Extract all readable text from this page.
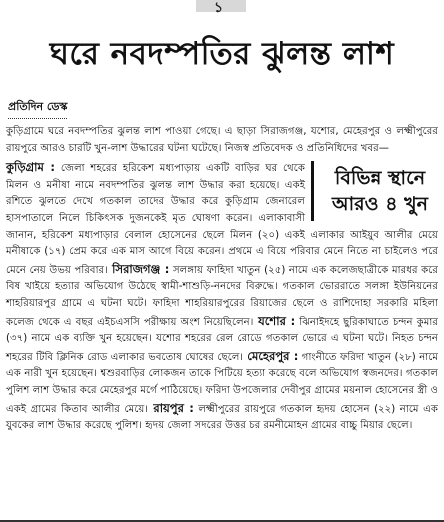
১
ঘরে নবদম্পতির ঝুলন্ত লাশ
প্রতিদিন ডেস্ক

কুড়িগ্রামে ঘরে নবদম্পতির ঝুলন্ত লাশ পাওয়া গেছে। এ ছাড়া সিরাজগঞ্জ, যশোর, মেহেরপুর ও লক্ষ্মীপুরের রায়পুরে আরও চারটি খুন-লাশ উদ্ধারের ঘটনা ঘটেছে। নিজস্ব প্রতিবেদক ও প্রতিনিধিদের খবর—

কুড়িগ্রাম :	বিভিন্ন স্থানে
আরও ৪ খুন
জেলা শহরের হরিকেশ মধ্যপাড়ায় একটি বাড়ির ঘর থেকে মিলন ও মনীষা নামে নবদম্পতির ঝুলন্ত লাশ উদ্ধার করা হয়েছে। একই রশিতে ঝুলতে দেখে গতকাল তাদের উদ্ধার করে কুড়িগ্রাম জেনারেল হাসপাতালে নিলে চিকিৎসক দুজনকেই মৃত ঘোষণা করেন। এলাকাবাসী জানান, হরিকেশ মধ্যপাড়ার বেলাল হোসেনের ছেলে মিলন (২০) একই এলাকার আইয়ুব আলীর মেয়ে মনীষাকে (১৭) প্রেম করে এক মাস আগে বিয়ে করেন। প্রথমে এ বিয়ে পরিবার মেনে নিতে না চাইলেও পরে মেনে নেয় উভয় পরিবার। সিরাজগঞ্জ : সলঙ্গায় ফাহিদা খাতুন (২৫) নামে এক কলেজছাত্রীকে মারধর করে বিষ খাইয়ে হত্যার অভিযোগ উঠেছে স্বামী-শাশুড়ি-ননদের বিরুদ্ধে। গতকাল ভোররাতে সলঙ্গা ইউনিয়নের শাহরিয়ারপুর গ্রামে এ ঘটনা ঘটে। ফাহিদা শাহরিয়ারপুরের রিয়াজের ছেলে ও রাশিদোহা সরকারি মহিলা কলেজ থেকে এ বছর এইচএসসি পরীক্ষায় অংশ নিয়েছিলেন। যশোর : ঝিনাইদহে ছুরিকাঘাতে চন্দন কুমার (৩৭) নামে এক ব্যক্তি খুন হয়েছেন। যশোর শহরের রেল রোডে গতকাল ভোরে এ ঘটনা ঘটে। নিহত চন্দন শহরের টিবি ক্লিনিক রোড এলাকার ভবতোষ ঘোষের ছেলে। মেহেরপুর : গাংনীতে ফরিদা খাতুন (২৮) নামে এক নারী খুন হয়েছেন। শ্বশুরবাড়ির লোকজন তাকে পিটিয়ে হত্যা করেছে বলে অভিযোগ স্বজনদের। গতকাল পুলিশ লাশ উদ্ধার করে মেহেরপুর মর্গে পাঠিয়েছে। ফরিদা উপজেলার দেবীপুর গ্রামের ময়নাল হোসেনের স্ত্রী ও একই গ্রামের কিতাব আলীর মেয়ে। রায়পুর : লক্ষ্মীপুরের রায়পুরে গতকাল হৃদয় হোসেন (২২) নামে এক যুবকের লাশ উদ্ধার করেছে পুলিশ। হৃদয় জেলা সদরের উত্তর চর রমনীমোহন গ্রামের বাচ্চু মিয়ার ছেলে।
